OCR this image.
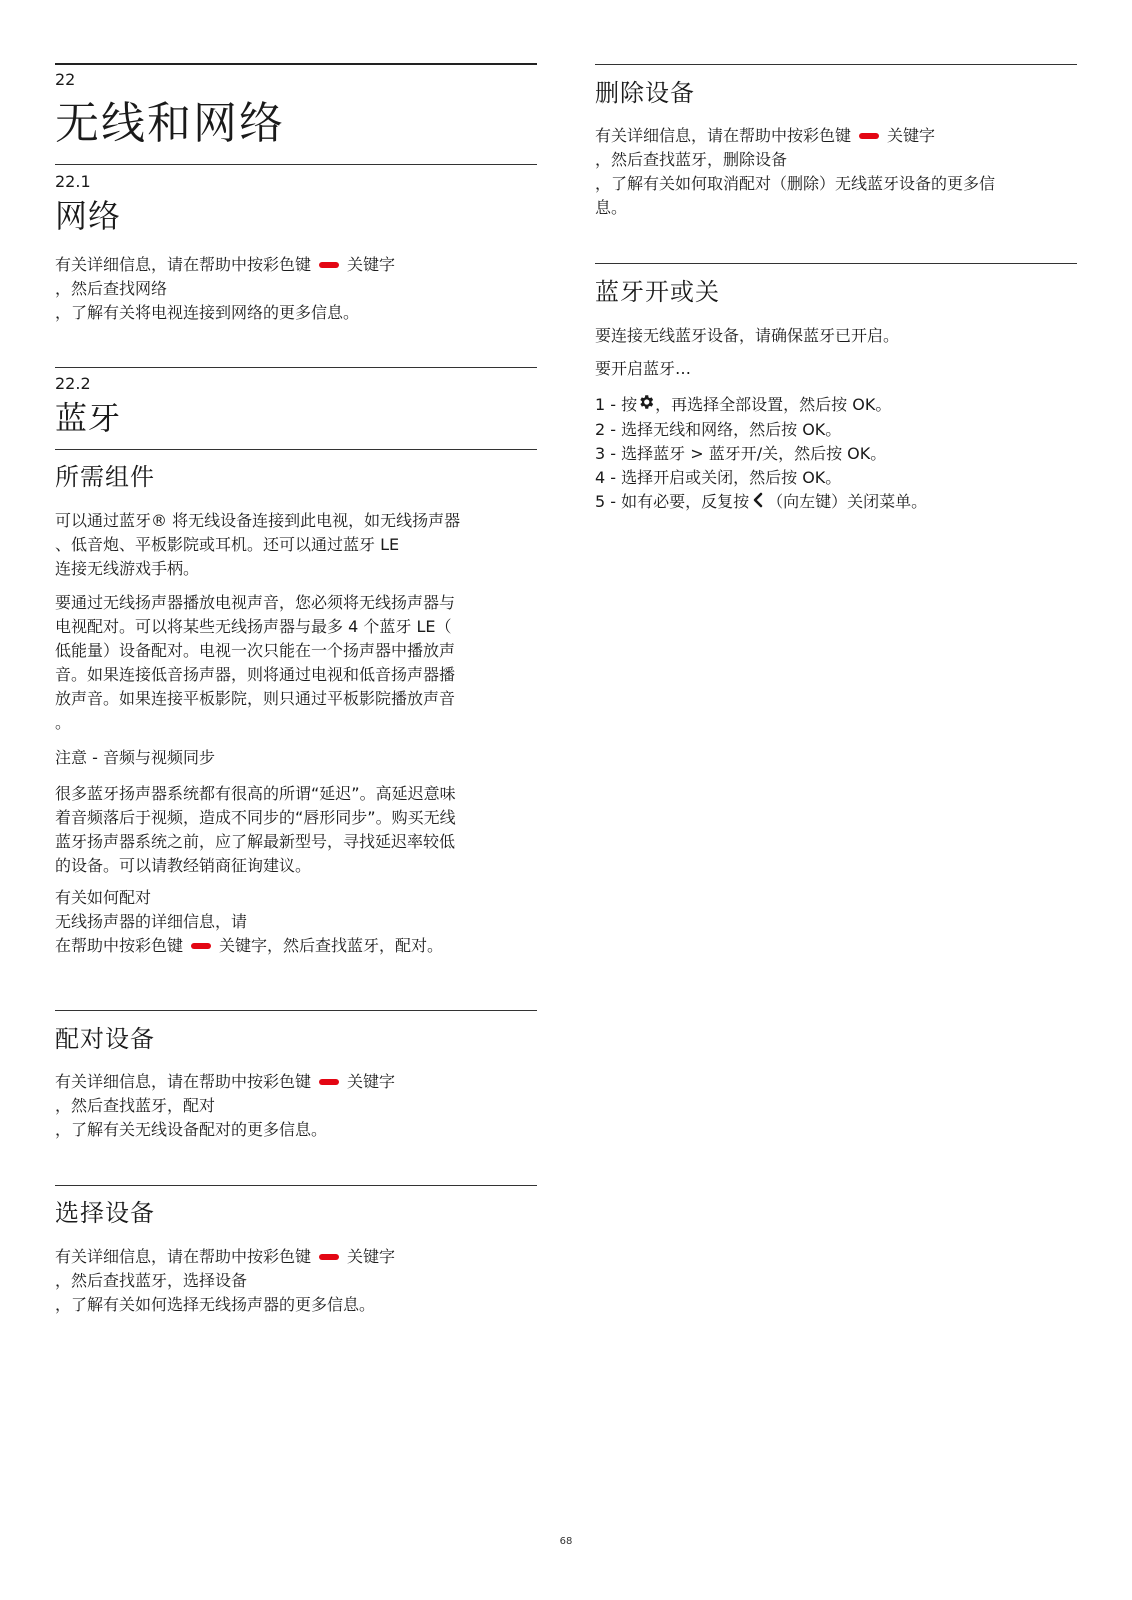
22
无线和网络
22.1
网络
有关详细信息，请在帮助中按彩色键 关键字
，然后查找网络
，了解有关将电视连接到网络的更多信息。
22.2
蓝牙
所需组件
可以通过蓝牙® 将无线设备连接到此电视，如无线扬声器
、低音炮、平板影院或耳机。还可以通过蓝牙 LE
连接无线游戏手柄。
要通过无线扬声器播放电视声音，您必须将无线扬声器与
电视配对。可以将某些无线扬声器与最多 4 个蓝牙 LE（
低能量）设备配对。电视一次只能在一个扬声器中播放声
音。如果连接低音扬声器，则将通过电视和低音扬声器播
放声音。如果连接平板影院，则只通过平板影院播放声音
。
注意 - 音频与视频同步
很多蓝牙扬声器系统都有很高的所谓“延迟”。高延迟意味
着音频落后于视频，造成不同步的“唇形同步”。购买无线
蓝牙扬声器系统之前，应了解最新型号，寻找延迟率较低
的设备。可以请教经销商征询建议。
有关如何配对
无线扬声器的详细信息，请
在帮助中按彩色键 关键字，然后查找蓝牙，配对。
配对设备
有关详细信息，请在帮助中按彩色键 关键字
，然后查找蓝牙，配对
，了解有关无线设备配对的更多信息。
选择设备
有关详细信息，请在帮助中按彩色键 关键字
，然后查找蓝牙，选择设备
，了解有关如何选择无线扬声器的更多信息。
删除设备
有关详细信息，请在帮助中按彩色键 关键字
，然后查找蓝牙，删除设备
，了解有关如何取消配对（删除）无线蓝牙设备的更多信
息。
蓝牙开或关
要连接无线蓝牙设备，请确保蓝牙已开启。
要开启蓝牙…
1 - 按 ，再选择全部设置，然后按 OK。
2 - 选择无线和网络，然后按 OK。
3 - 选择蓝牙 > 蓝牙开/关，然后按 OK。
4 - 选择开启或关闭，然后按 OK。
5 - 如有必要，反复按 （向左键）关闭菜单。
68
